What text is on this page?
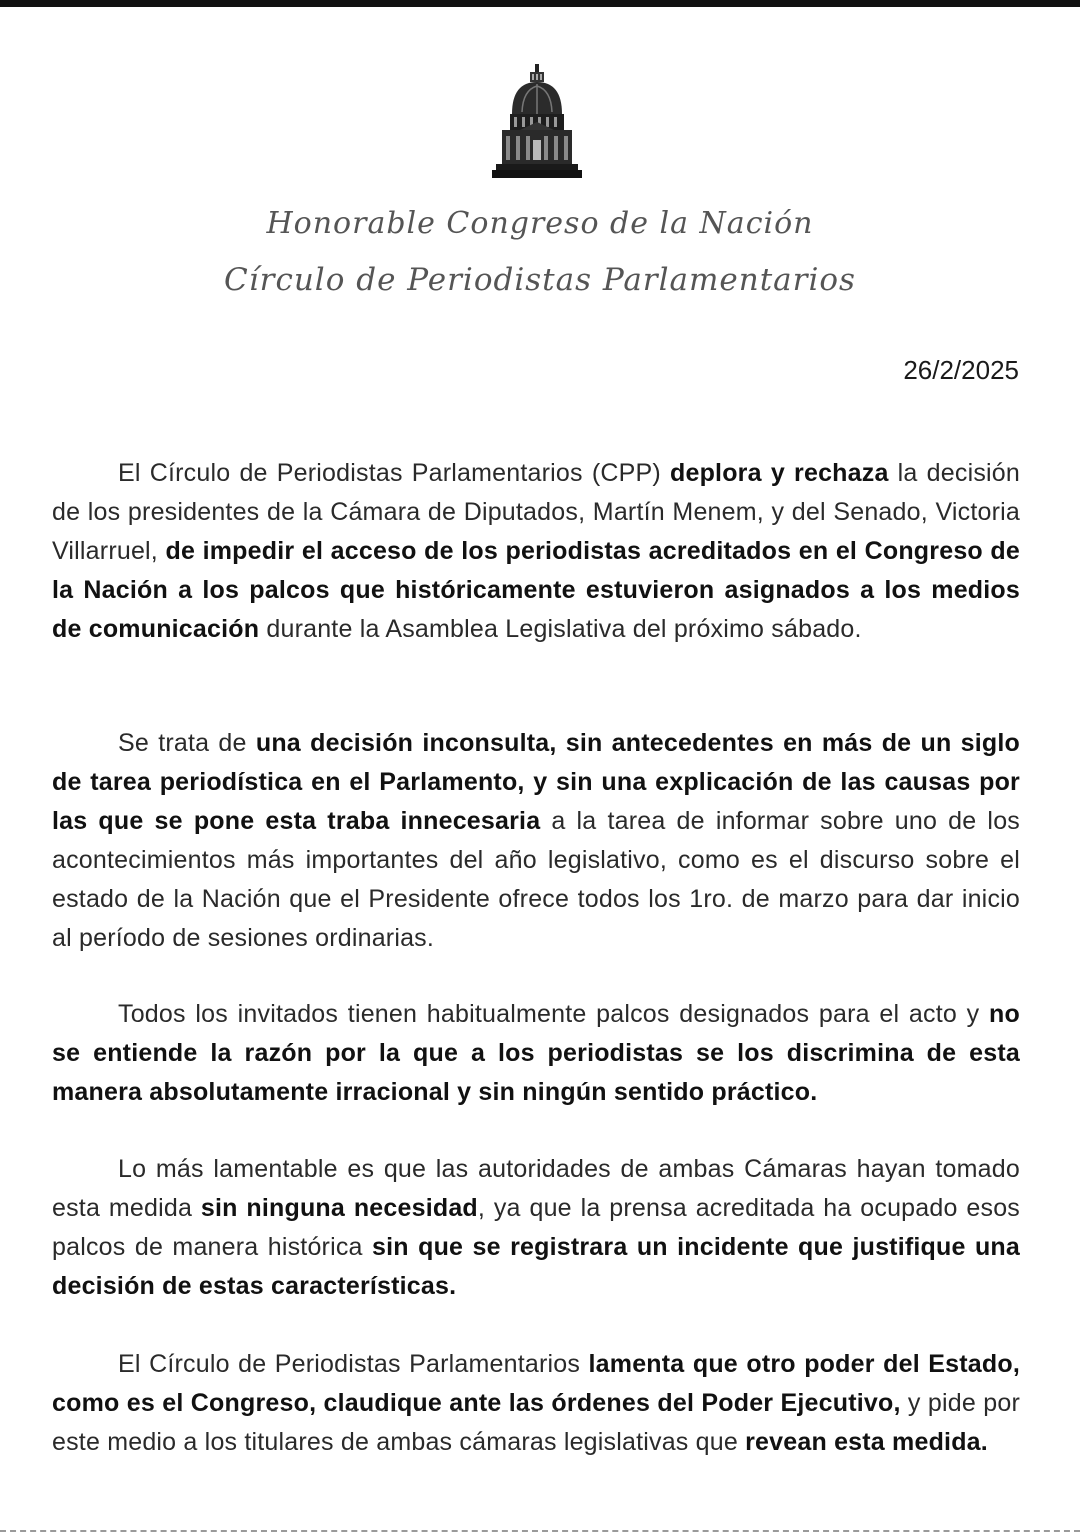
Honorable Congreso de la Nación
Círculo de Periodistas Parlamentarios
26/2/2025

El Círculo de Periodistas Parlamentarios (CPP) deplora y rechaza la decisión de los presidentes de la Cámara de Diputados, Martín Menem, y del Senado, Victoria Villarruel, de impedir el acceso de los periodistas acreditados en el Congreso de la Nación a los palcos que históricamente estuvieron asignados a los medios de comunicación durante la Asamblea Legislativa del próximo sábado.

Se trata de una decisión inconsulta, sin antecedentes en más de un siglo de tarea periodística en el Parlamento, y sin una explicación de las causas por las que se pone esta traba innecesaria a la tarea de informar sobre uno de los acontecimientos más importantes del año legislativo, como es el discurso sobre el estado de la Nación que el Presidente ofrece todos los 1ro. de marzo para dar inicio al período de sesiones ordinarias.

Todos los invitados tienen habitualmente palcos designados para el acto y no se entiende la razón por la que a los periodistas se los discrimina de esta manera absolutamente irracional y sin ningún sentido práctico.

Lo más lamentable es que las autoridades de ambas Cámaras hayan tomado esta medida sin ninguna necesidad, ya que la prensa acreditada ha ocupado esos palcos de manera histórica sin que se registrara un incidente que justifique una decisión de estas características.

El Círculo de Periodistas Parlamentarios lamenta que otro poder del Estado, como es el Congreso, claudique ante las órdenes del Poder Ejecutivo, y pide por este medio a los titulares de ambas cámaras legislativas que revean esta medida.
